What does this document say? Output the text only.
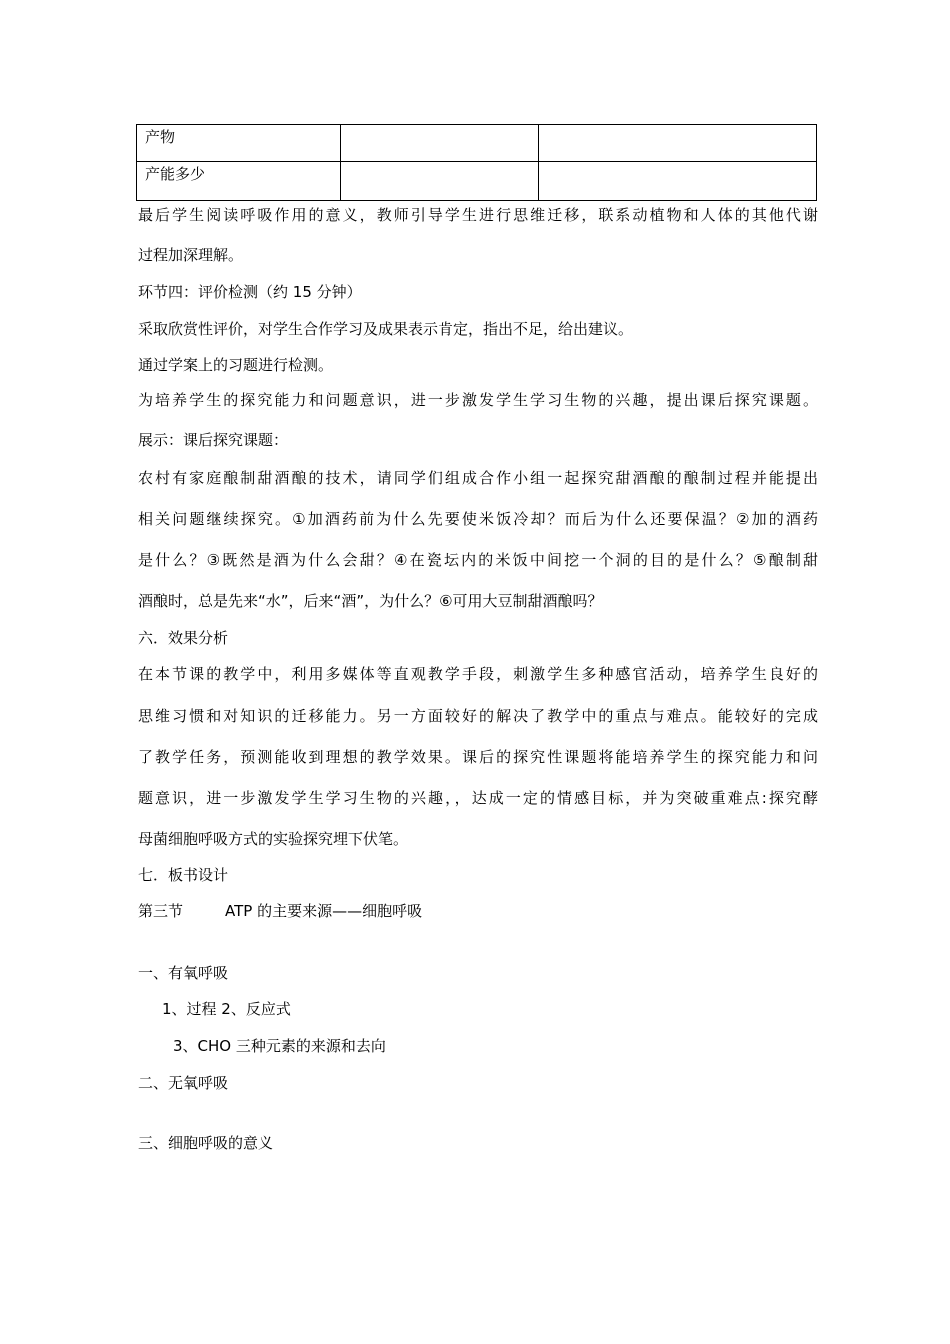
产物		
产能多少		
最后学生阅读呼吸作用的意义，教师引导学生进行思维迁移，联系动植物和人体的其他代谢
过程加深理解。
环节四：评价检测（约 15 分钟）
采取欣赏性评价，对学生合作学习及成果表示肯定，指出不足，给出建议。
通过学案上的习题进行检测。
为培养学生的探究能力和问题意识，进一步激发学生学习生物的兴趣，提出课后探究课题。
展示：课后探究课题：
农村有家庭酿制甜酒酿的技术，请同学们组成合作小组一起探究甜酒酿的酿制过程并能提出
相关问题继续探究。①加酒药前为什么先要使米饭冷却？而后为什么还要保温？②加的酒药
是什么？③既然是酒为什么会甜？④在瓷坛内的米饭中间挖一个洞的目的是什么？⑤酿制甜
酒酿时，总是先来“水”，后来“酒”，为什么？⑥可用大豆制甜酒酿吗？
六．效果分析
在本节课的教学中，利用多媒体等直观教学手段，刺激学生多种感官活动，培养学生良好的
思维习惯和对知识的迁移能力。另一方面较好的解决了教学中的重点与难点。能较好的完成
了教学任务，预测能收到理想的教学效果。课后的探究性课题将能培养学生的探究能力和问
题意识，进一步激发学生学习生物的兴趣，，达成一定的情感目标，并为突破重难点:探究酵
母菌细胞呼吸方式的实验探究埋下伏笔。
七．板书设计
第三节	ATP 的主要来源——细胞呼吸
一、有氧呼吸
1、过程 2、反应式
3、CHO 三种元素的来源和去向
二、无氧呼吸
三、细胞呼吸的意义
